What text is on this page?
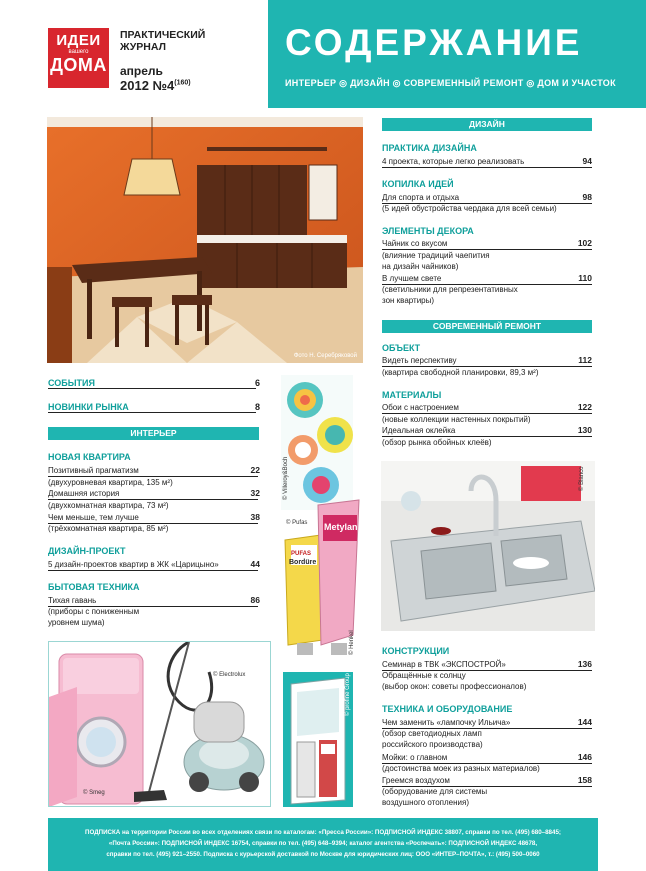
ИДЕИ
вашего
ДОМА
ПРАКТИЧЕСКИЙ
ЖУРНАЛ
апрель
2012 №4$^{(160)}$
СОДЕРЖАНИЕ
ИНТЕРЬЕР ◎ ДИЗАЙН ◎ СОВРЕМЕННЫЙ РЕМОНТ ◎ ДОМ И УЧАСТОК
Фото Н. Серебряковой
СОБЫТИЯ	6
НОВИНКИ РЫНКА	8
ИНТЕРЬЕР
НОВАЯ КВАРТИРА
Позитивный прагматизм	22
(двухуровневая квартира, 135 м²)
Домашняя история	32
(двухкомнатная квартира, 73 м²)
Чем меньше, тем лучше	38
(трёхкомнатная квартира, 85 м²)
ДИЗАЙН-ПРОЕКТ
5 дизайн-проектов квартир в ЖК «Царицыно»	44
БЫТОВАЯ ТЕХНИКА
Тихая гавань	86
(приборы с пониженным
уровнем шума)
© Electrolux
© Smeg
© Villeroy&Boch
© Pufas
PUFAS
Bordüre
Metylan
© Henkel
© profine Group
ДИЗАЙН
ПРАКТИКА ДИЗАЙНА
4 проекта, которые легко реализовать	94
КОПИЛКА ИДЕЙ
Для спорта и отдыха	98
(5 идей обустройства чердака для всей семьи)
ЭЛЕМЕНТЫ ДЕКОРА
Чайник со вкусом	102
(влияние традиций чаепития
на дизайн чайников)
В лучшем свете	110
(светильники для репрезентативных
зон квартиры)
СОВРЕМЕННЫЙ РЕМОНТ
ОБЪЕКТ
Видеть перспективу	112
(квартира свободной планировки, 89,3 м²)
МАТЕРИАЛЫ
Обои с настроением	122
(новые коллекции настенных покрытий)
Идеальная оклейка	130
(обзор рынка обойных клеёв)
© Blanco
КОНСТРУКЦИИ
Семинар в ТВК «ЭКСПОСТРОЙ»	136
Обращённые к солнцу
(выбор окон: советы профессионалов)
ТЕХНИКА И ОБОРУДОВАНИЕ
Чем заменить «лампочку Ильича»	144
(обзор светодиодных ламп
российского производства)
Мойки: о главном	146
(достоинства моек из разных материалов)
Греемся воздухом	158
(оборудование для системы
воздушного отопления)
ПОДПИСКА на территории России во всех отделениях связи по каталогам: «Пресса России»: ПОДПИСНОЙ ИНДЕКС 38807, справки по тел. (495) 680–8845;
«Почта России»: ПОДПИСНОЙ ИНДЕКС 16754, справки по тел. (495) 648–9394; каталог агентства «Роспечать»: ПОДПИСНОЙ ИНДЕКС 48678,
справки по тел. (495) 921–2550. Подписка с курьерской доставкой по Москве для юридических лиц: ООО «ИНТЕР–ПОЧТА», т.: (495) 500–0060
